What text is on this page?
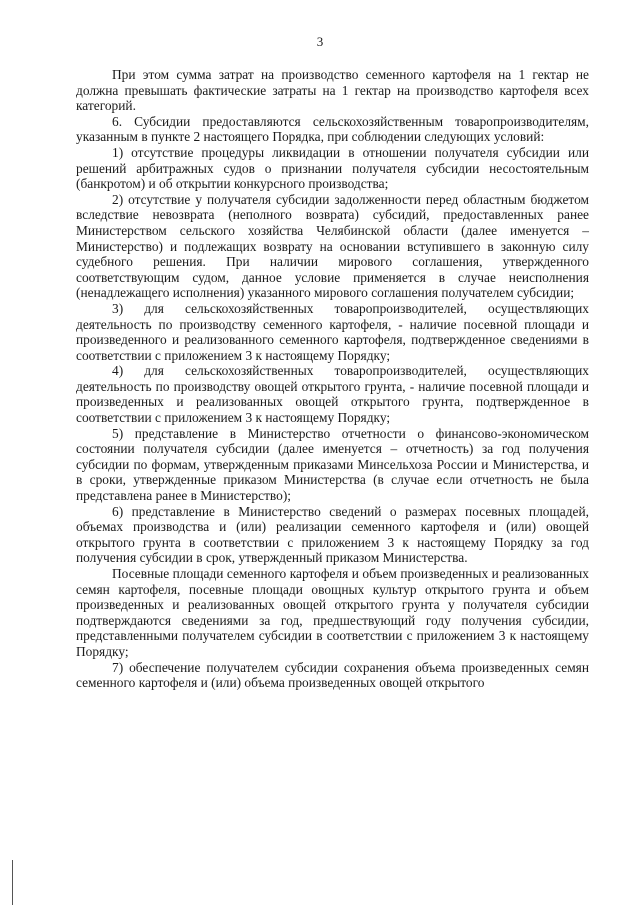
3

При этом сумма затрат на производство семенного картофеля на 1 гектар не должна превышать фактические затраты на 1 гектар на производство картофеля всех категорий.

6. Субсидии предоставляются сельскохозяйственным товаропроизводителям, указанным в пункте 2 настоящего Порядка, при соблюдении следующих условий:

1) отсутствие процедуры ликвидации в отношении получателя субсидии или решений арбитражных судов о признании получателя субсидии несостоятельным (банкротом) и об открытии конкурсного производства;

2) отсутствие у получателя субсидии задолженности перед областным бюджетом вследствие невозврата (неполного возврата) субсидий, предоставленных ранее Министерством сельского хозяйства Челябинской области (далее именуется – Министерство) и подлежащих возврату на основании вступившего в законную силу судебного решения. При наличии мирового соглашения, утвержденного соответствующим судом, данное условие применяется в случае неисполнения (ненадлежащего исполнения) указанного мирового соглашения получателем субсидии;

3) для сельскохозяйственных товаропроизводителей, осуществляющих деятельность по производству семенного картофеля, - наличие посевной площади и произведенного и реализованного семенного картофеля, подтвержденное сведениями в соответствии с приложением 3 к настоящему Порядку;

4) для сельскохозяйственных товаропроизводителей, осуществляющих деятельность по производству овощей открытого грунта, - наличие посевной площади и произведенных и реализованных овощей открытого грунта, подтвержденное в соответствии с приложением 3 к настоящему Порядку;

5) представление в Министерство отчетности о финансово-экономическом состоянии получателя субсидии (далее именуется – отчетность) за год получения субсидии по формам, утвержденным приказами Минсельхоза России и Министерства, и в сроки, утвержденные приказом Министерства (в случае если отчетность не была представлена ранее в Министерство);

6) представление в Министерство сведений о размерах посевных площадей, объемах производства и (или) реализации семенного картофеля и (или) овощей открытого грунта в соответствии с приложением 3 к настоящему Порядку за год получения субсидии в срок, утвержденный приказом Министерства.

Посевные площади семенного картофеля и объем произведенных и реализованных семян картофеля, посевные площади овощных культур открытого грунта и объем произведенных и реализованных овощей открытого грунта у получателя субсидии подтверждаются сведениями за год, предшествующий году получения субсидии, представленными получателем субсидии в соответствии с приложением 3 к настоящему Порядку;

7) обеспечение получателем субсидии сохранения объема произведенных семян семенного картофеля и (или) объема произведенных овощей открытого
